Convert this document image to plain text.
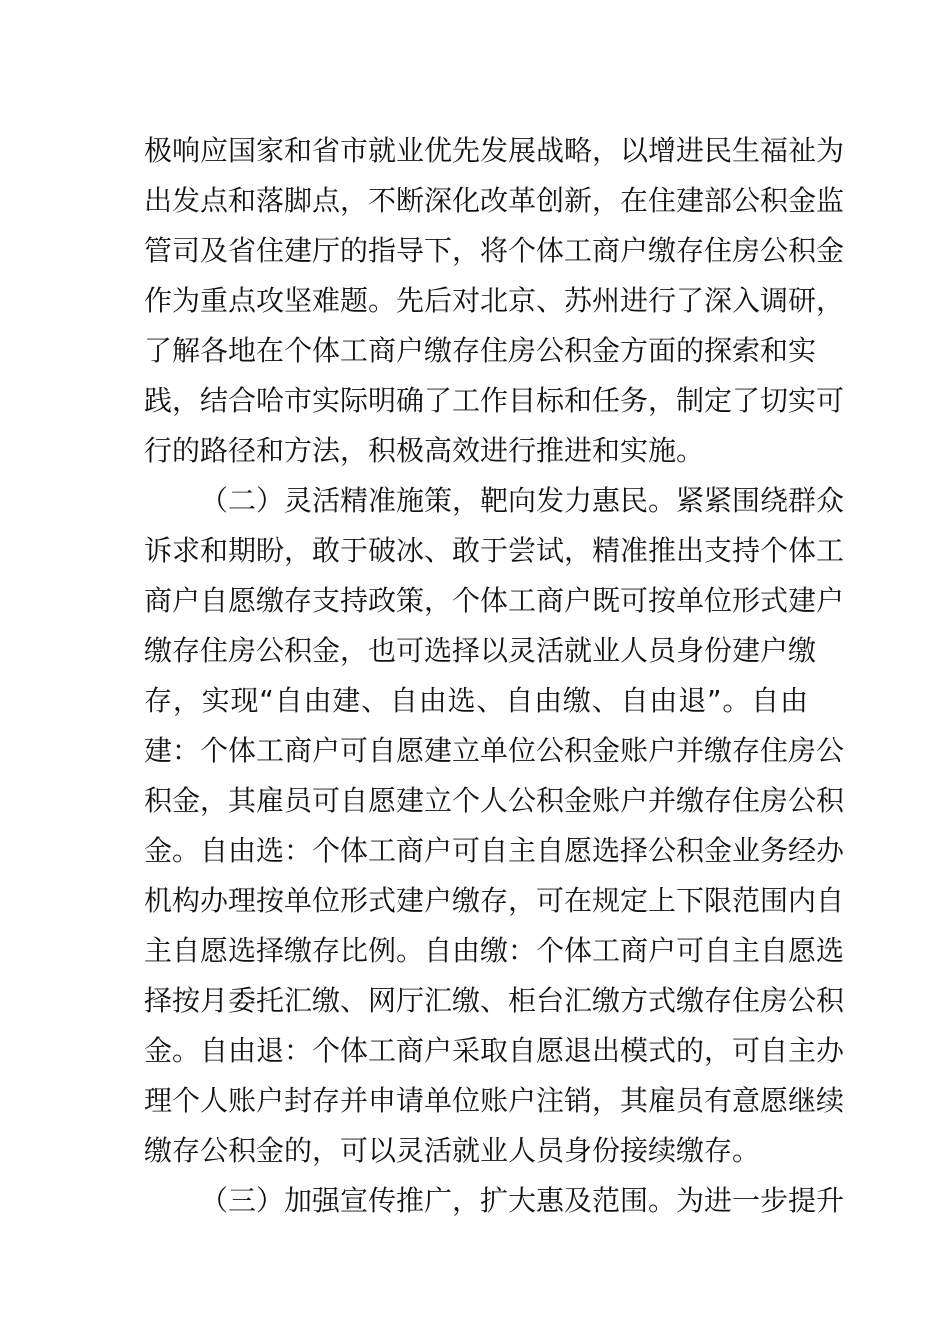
极响应国家和省市就业优先发展战略，以增进民生福祉为
出发点和落脚点，不断深化改革创新，在住建部公积金监
管司及省住建厅的指导下，将个体工商户缴存住房公积金
作为重点攻坚难题。先后对北京、苏州进行了深入调研，
了解各地在个体工商户缴存住房公积金方面的探索和实
践，结合哈市实际明确了工作目标和任务，制定了切实可
行的路径和方法，积极高效进行推进和实施。
（二）灵活精准施策，靶向发力惠民。紧紧围绕群众
诉求和期盼，敢于破冰、敢于尝试，精准推出支持个体工
商户自愿缴存支持政策，个体工商户既可按单位形式建户
缴存住房公积金，也可选择以灵活就业人员身份建户缴
存，实现“自由建、自由选、自由缴、自由退”。自由
建：个体工商户可自愿建立单位公积金账户并缴存住房公
积金，其雇员可自愿建立个人公积金账户并缴存住房公积
金。自由选：个体工商户可自主自愿选择公积金业务经办
机构办理按单位形式建户缴存，可在规定上下限范围内自
主自愿选择缴存比例。自由缴：个体工商户可自主自愿选
择按月委托汇缴、网厅汇缴、柜台汇缴方式缴存住房公积
金。自由退：个体工商户采取自愿退出模式的，可自主办
理个人账户封存并申请单位账户注销，其雇员有意愿继续
缴存公积金的，可以灵活就业人员身份接续缴存。
（三）加强宣传推广，扩大惠及范围。为进一步提升
